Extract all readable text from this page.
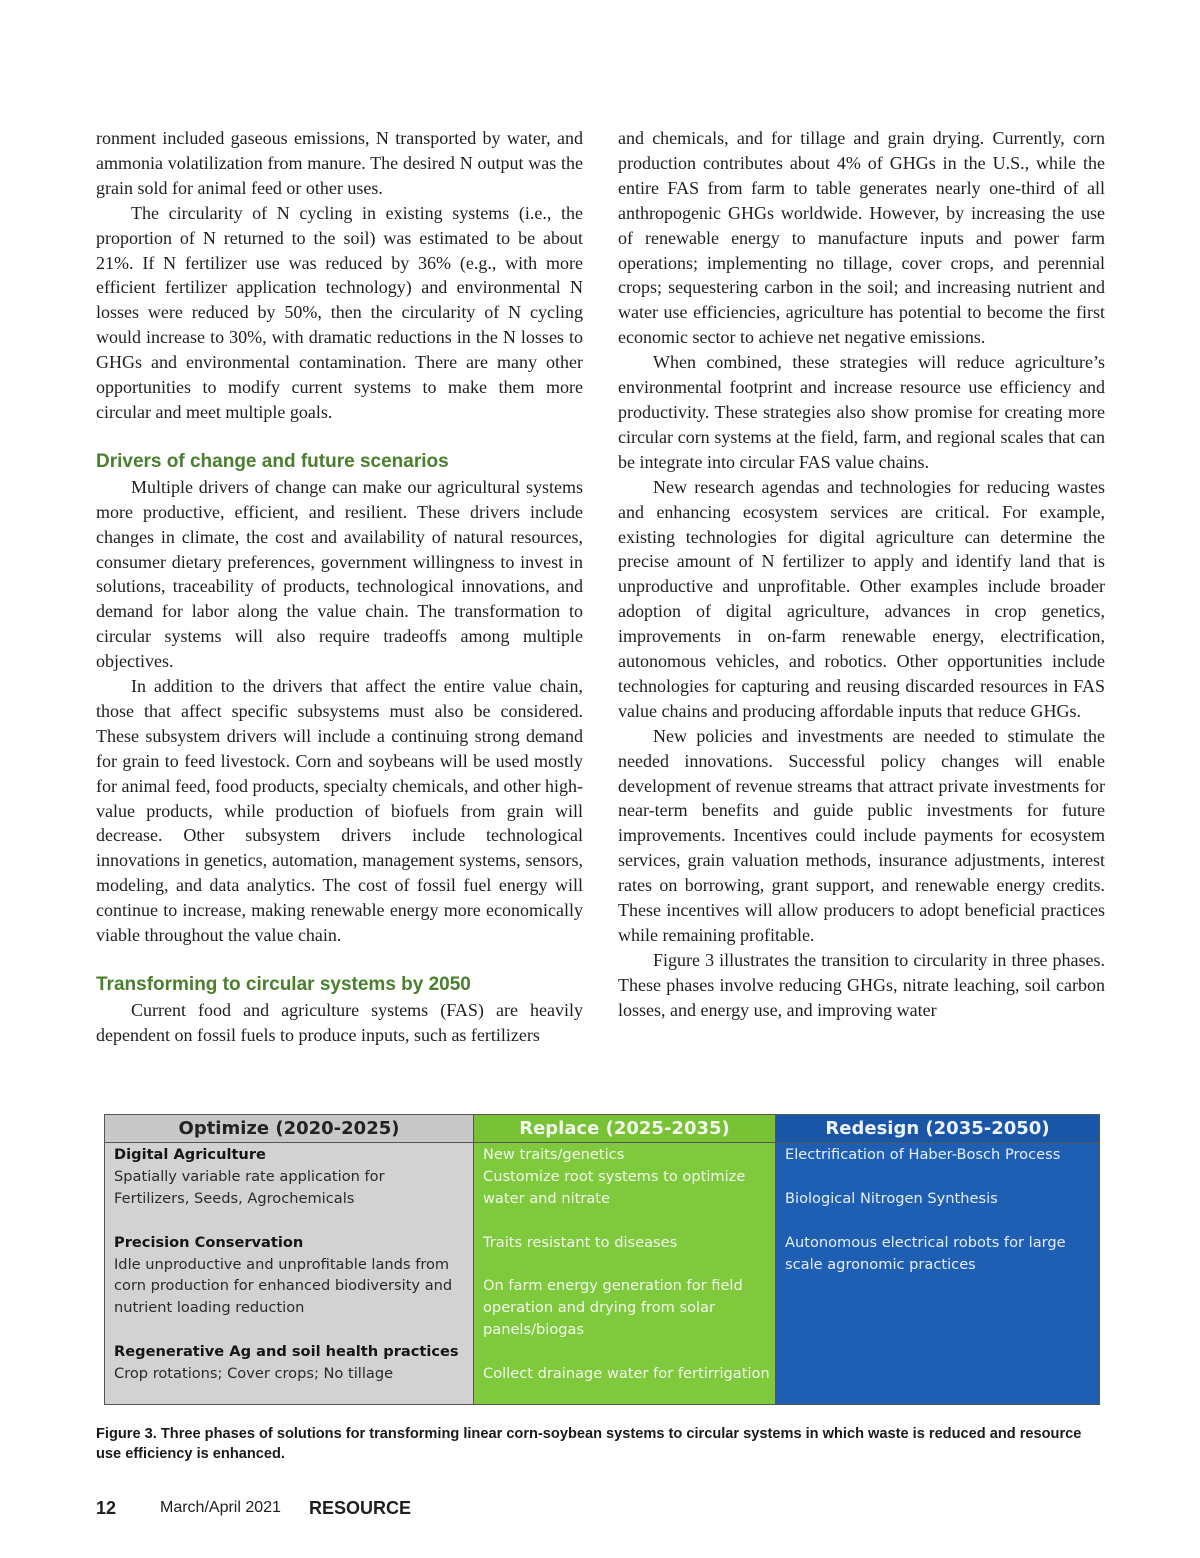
ronment included gaseous emissions, N transported by water, and ammonia volatilization from manure. The desired N output was the grain sold for animal feed or other uses.

The circularity of N cycling in existing systems (i.e., the proportion of N returned to the soil) was estimated to be about 21%. If N fertilizer use was reduced by 36% (e.g., with more efficient fertilizer application technology) and environmental N losses were reduced by 50%, then the circularity of N cycling would increase to 30%, with dramatic reductions in the N losses to GHGs and environmental contamination. There are many other opportunities to modify current systems to make them more circular and meet multiple goals.

Drivers of change and future scenarios

Multiple drivers of change can make our agricultural systems more productive, efficient, and resilient. These drivers include changes in climate, the cost and availability of natural resources, consumer dietary preferences, government willingness to invest in solutions, traceability of products, technological innovations, and demand for labor along the value chain. The transformation to circular systems will also require tradeoffs among multiple objectives.

In addition to the drivers that affect the entire value chain, those that affect specific subsystems must also be considered. These subsystem drivers will include a continuing strong demand for grain to feed livestock. Corn and soybeans will be used mostly for animal feed, food products, specialty chemicals, and other high-value products, while production of biofuels from grain will decrease. Other subsystem drivers include technological innovations in genetics, automation, management systems, sensors, modeling, and data analytics. The cost of fossil fuel energy will continue to increase, making renewable energy more economically viable throughout the value chain.

Transforming to circular systems by 2050

Current food and agriculture systems (FAS) are heavily dependent on fossil fuels to produce inputs, such as fertilizers

and chemicals, and for tillage and grain drying. Currently, corn production contributes about 4% of GHGs in the U.S., while the entire FAS from farm to table generates nearly one-third of all anthropogenic GHGs worldwide. However, by increasing the use of renewable energy to manufacture inputs and power farm operations; implementing no tillage, cover crops, and perennial crops; sequestering carbon in the soil; and increasing nutrient and water use efficiencies, agriculture has potential to become the first economic sector to achieve net negative emissions.

When combined, these strategies will reduce agriculture’s environmental footprint and increase resource use efficiency and productivity. These strategies also show promise for creating more circular corn systems at the field, farm, and regional scales that can be integrate into circular FAS value chains.

New research agendas and technologies for reducing wastes and enhancing ecosystem services are critical. For example, existing technologies for digital agriculture can determine the precise amount of N fertilizer to apply and identify land that is unproductive and unprofitable. Other examples include broader adoption of digital agriculture, advances in crop genetics, improvements in on-farm renewable energy, electrification, autonomous vehicles, and robotics. Other opportunities include technologies for capturing and reusing discarded resources in FAS value chains and producing affordable inputs that reduce GHGs.

New policies and investments are needed to stimulate the needed innovations. Successful policy changes will enable development of revenue streams that attract private investments for near-term benefits and guide public investments for future improvements. Incentives could include payments for ecosystem services, grain valuation methods, insurance adjustments, interest rates on borrowing, grant support, and renewable energy credits. These incentives will allow producers to adopt beneficial practices while remaining profitable.

Figure 3 illustrates the transition to circularity in three phases. These phases involve reducing GHGs, nitrate leaching, soil carbon losses, and energy use, and improving water

Optimize (2020-2025)
Digital Agriculture
Spatially variable rate application for
Fertilizers, Seeds, Agrochemicals
Precision Conservation
Idle unproductive and unprofitable lands from
corn production for enhanced biodiversity and
nutrient loading reduction
Regenerative Ag and soil health practices
Crop rotations; Cover crops; No tillage
Replace (2025-2035)
New traits/genetics
Customize root systems to optimize
water and nitrate
Traits resistant to diseases
On farm energy generation for field
operation and drying from solar
panels/biogas
Collect drainage water for fertirrigation
Redesign (2035-2050)
Electrification of Haber-Bosch Process
Biological Nitrogen Synthesis
Autonomous electrical robots for large
scale agronomic practices
Figure 3. Three phases of solutions for transforming linear corn-soybean systems to circular systems in which waste is reduced and resource use efficiency is enhanced.
12	March/April 2021 RESOURCE
